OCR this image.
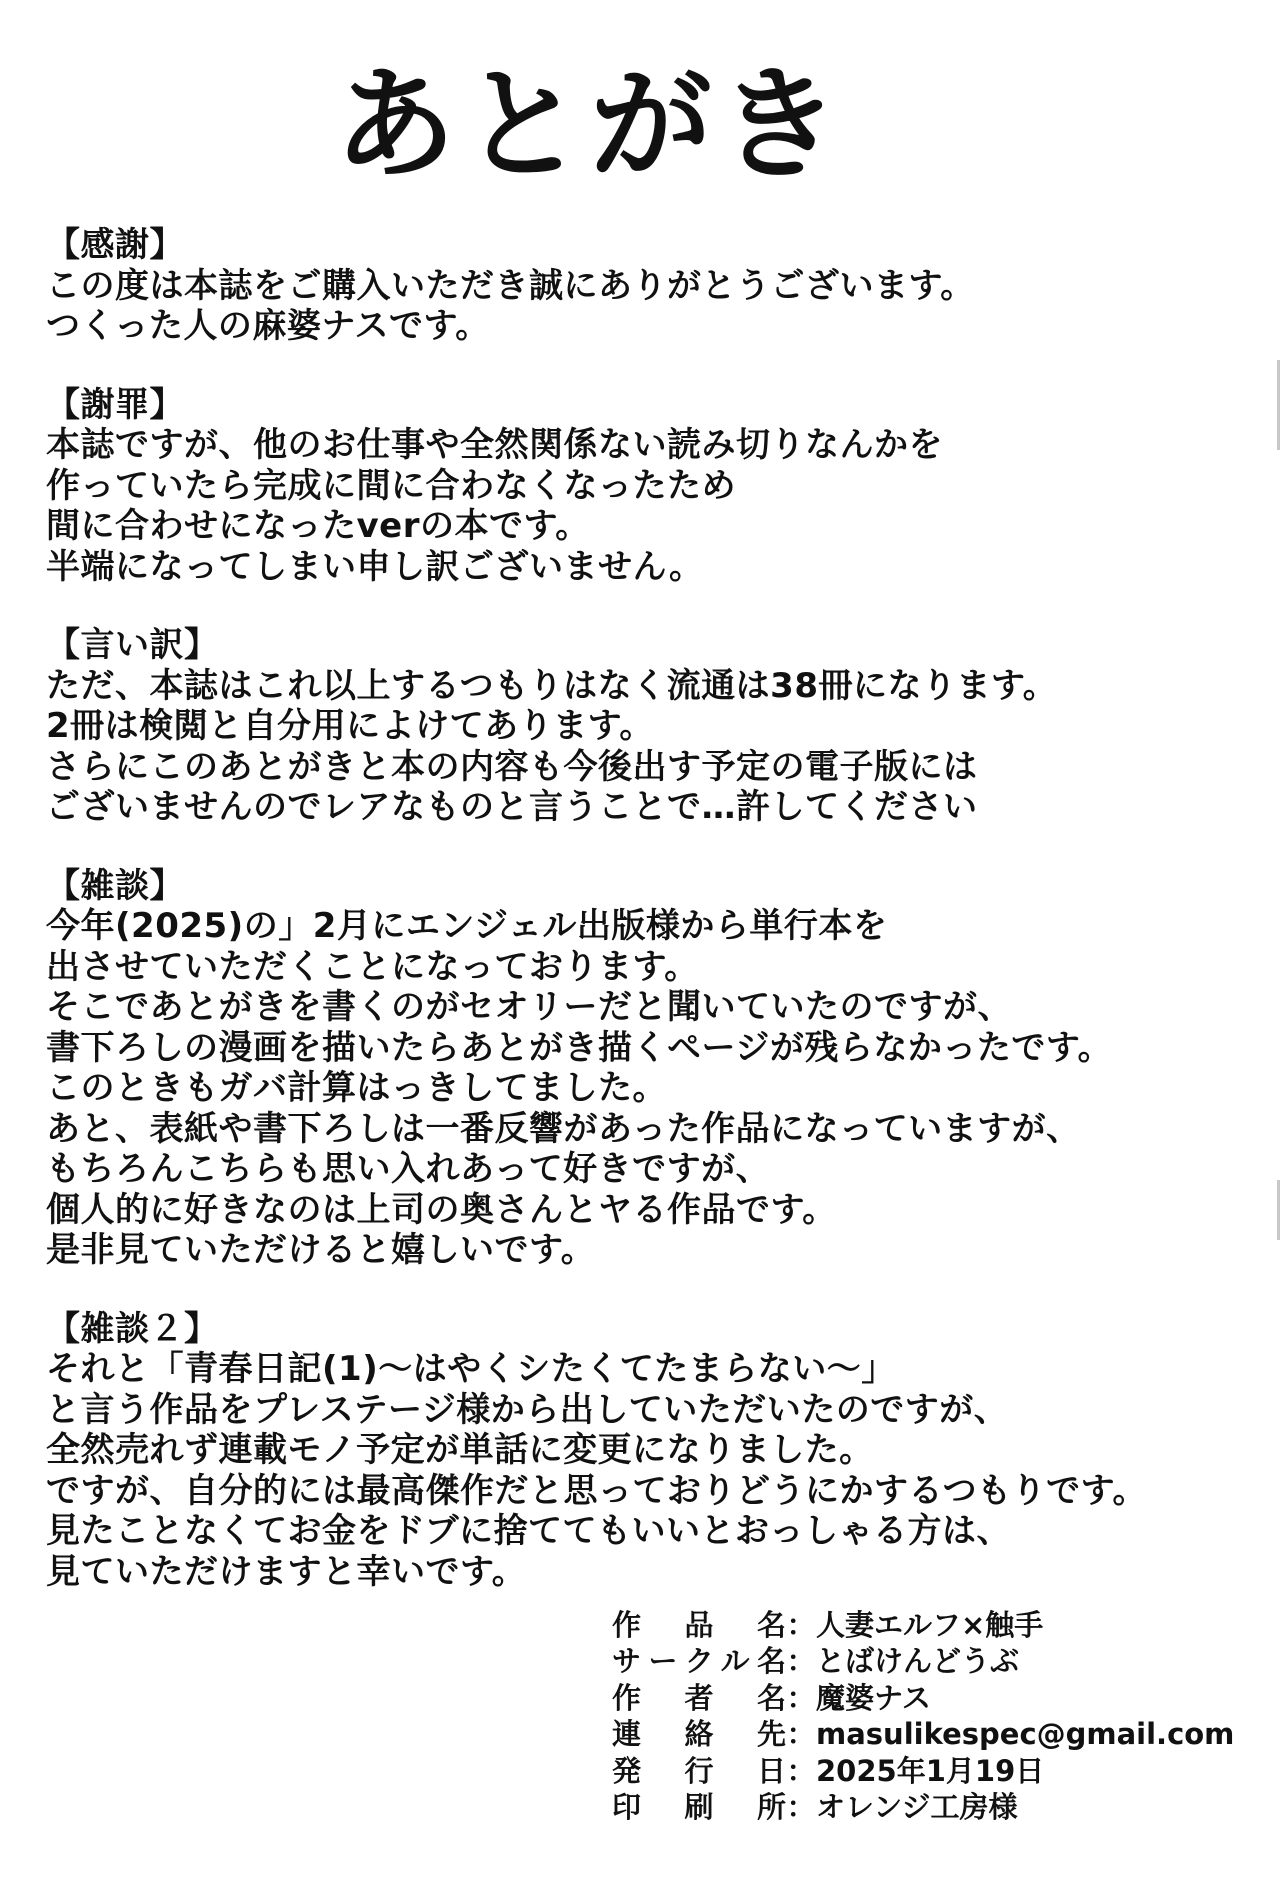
あとがき
【感謝】
この度は本誌をご購入いただき誠にありがとうございます。
つくった人の麻婆ナスです。
【謝罪】
本誌ですが、他のお仕事や全然関係ない読み切りなんかを
作っていたら完成に間に合わなくなったため
間に合わせになったverの本です。
半端になってしまい申し訳ございません。
【言い訳】
ただ、本誌はこれ以上するつもりはなく流通は38冊になります。
2冊は検閲と自分用によけてあります。
さらにこのあとがきと本の内容も今後出す予定の電子版には
ございませんのでレアなものと言うことで…許してください
【雑談】
今年(2025)の」2月にエンジェル出版様から単行本を
出させていただくことになっております。
そこであとがきを書くのがセオリーだと聞いていたのですが、
書下ろしの漫画を描いたらあとがき描くページが残らなかったです。
このときもガバ計算はっきしてました。
あと、表紙や書下ろしは一番反響があった作品になっていますが、
もちろんこちらも思い入れあって好きですが、
個人的に好きなのは上司の奥さんとヤる作品です。
是非見ていただけると嬉しいです。
【雑談２】
それと「青春日記(1)～はやくシたくてたまらない～」
と言う作品をプレステージ様から出していただいたのですが、
全然売れず連載モノ予定が単話に変更になりました。
ですが、自分的には最高傑作だと思っておりどうにかするつもりです。
見たことなくてお金をドブに捨ててもいいとおっしゃる方は、
見ていただけますと幸いです。
作品名 ： 人妻エルフ×触手
サークル名 ： とばけんどうぶ
作者名 ： 魔婆ナス
連絡先 ： masulikespec@gmail.com
発行日 ： 2025年1月19日
印刷所 ： オレンジ工房様
